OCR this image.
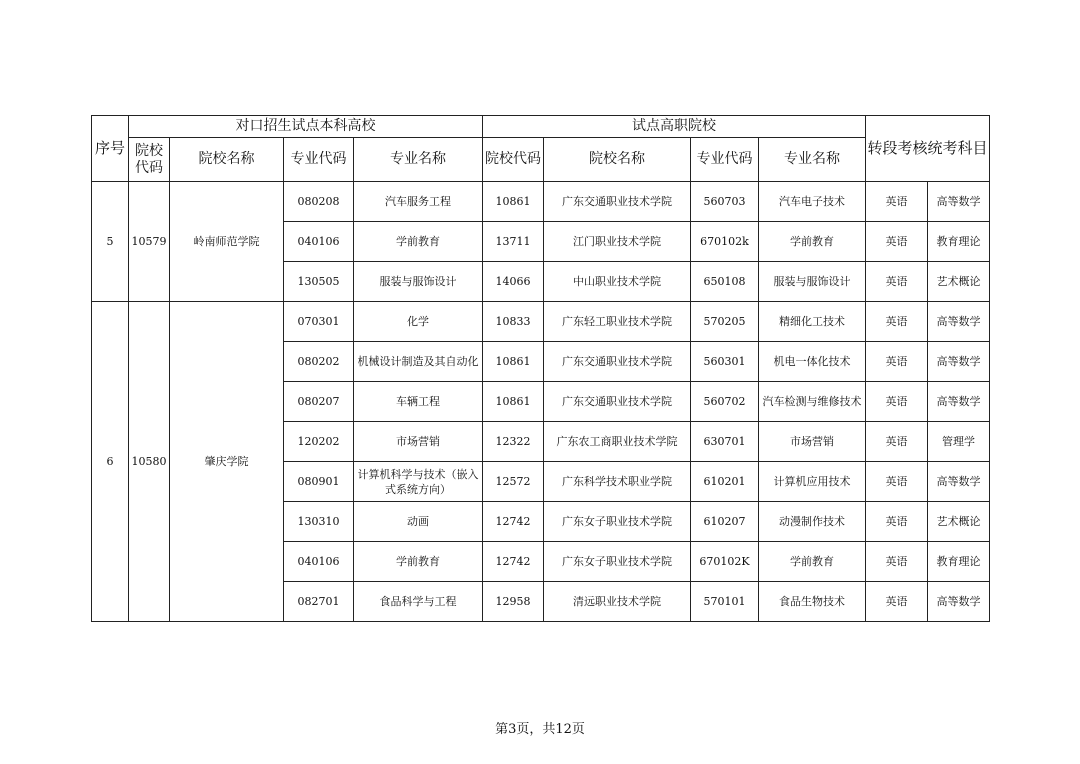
序号	对口招生试点本科高校				试点高职院校				转段考核统考科目	
	院校代码	院校名称	专业代码	专业名称	院校代码	院校名称	专业代码	专业名称		
5	10579	岭南师范学院	080208	汽车服务工程	10861	广东交通职业技术学院	560703	汽车电子技术	英语	高等数学
			040106	学前教育	13711	江门职业技术学院	670102k	学前教育	英语	教育理论
			130505	服装与服饰设计	14066	中山职业技术学院	650108	服装与服饰设计	英语	艺术概论
6	10580	肇庆学院	070301	化学	10833	广东轻工职业技术学院	570205	精细化工技术	英语	高等数学
			080202	机械设计制造及其自动化	10861	广东交通职业技术学院	560301	机电一体化技术	英语	高等数学
			080207	车辆工程	10861	广东交通职业技术学院	560702	汽车检测与维修技术	英语	高等数学
			120202	市场营销	12322	广东农工商职业技术学院	630701	市场营销	英语	管理学
			080901	计算机科学与技术（嵌入式系统方向）	12572	广东科学技术职业学院	610201	计算机应用技术	英语	高等数学
			130310	动画	12742	广东女子职业技术学院	610207	动漫制作技术	英语	艺术概论
			040106	学前教育	12742	广东女子职业技术学院	670102K	学前教育	英语	教育理论
			082701	食品科学与工程	12958	清远职业技术学院	570101	食品生物技术	英语	高等数学
第3页，共12页
